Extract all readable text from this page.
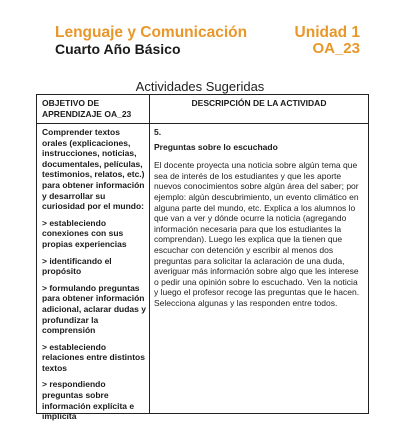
Lenguaje y Comunicación
Cuarto Año Básico
Unidad 1
OA_23
Actividades Sugeridas
OBJETIVO DE APRENDIZAJE OA_23
DESCRIPCIÓN DE LA ACTIVIDAD

Comprender textos orales (explicaciones, instrucciones, noticias, documentales, películas, testimonios, relatos, etc.) para obtener información y desarrollar su curiosidad por el mundo:

> estableciendo conexiones con sus propias experiencias

> identificando el propósito

> formulando preguntas para obtener información adicional, aclarar dudas y profundizar la comprensión

> estableciendo relaciones entre distintos textos

> respondiendo preguntas sobre información explícita e implícita

5.

Preguntas sobre lo escuchado

El docente proyecta una noticia sobre algún tema que sea de interés de los estudiantes y que les aporte nuevos conocimientos sobre algún área del saber; por ejemplo: algún descubrimiento, un evento climático en alguna parte del mundo, etc. Explica a los alumnos lo que van a ver y dónde ocurre la noticia (agregando información necesaria para que los estudiantes la comprendan). Luego les explica que la tienen que escuchar con detención y escribir al menos dos preguntas para solicitar la aclaración de una duda, averiguar más información sobre algo que les interese o pedir una opinión sobre lo escuchado. Ven la noticia y luego el profesor recoge las preguntas que le hacen. Selecciona algunas y las responden entre todos.
